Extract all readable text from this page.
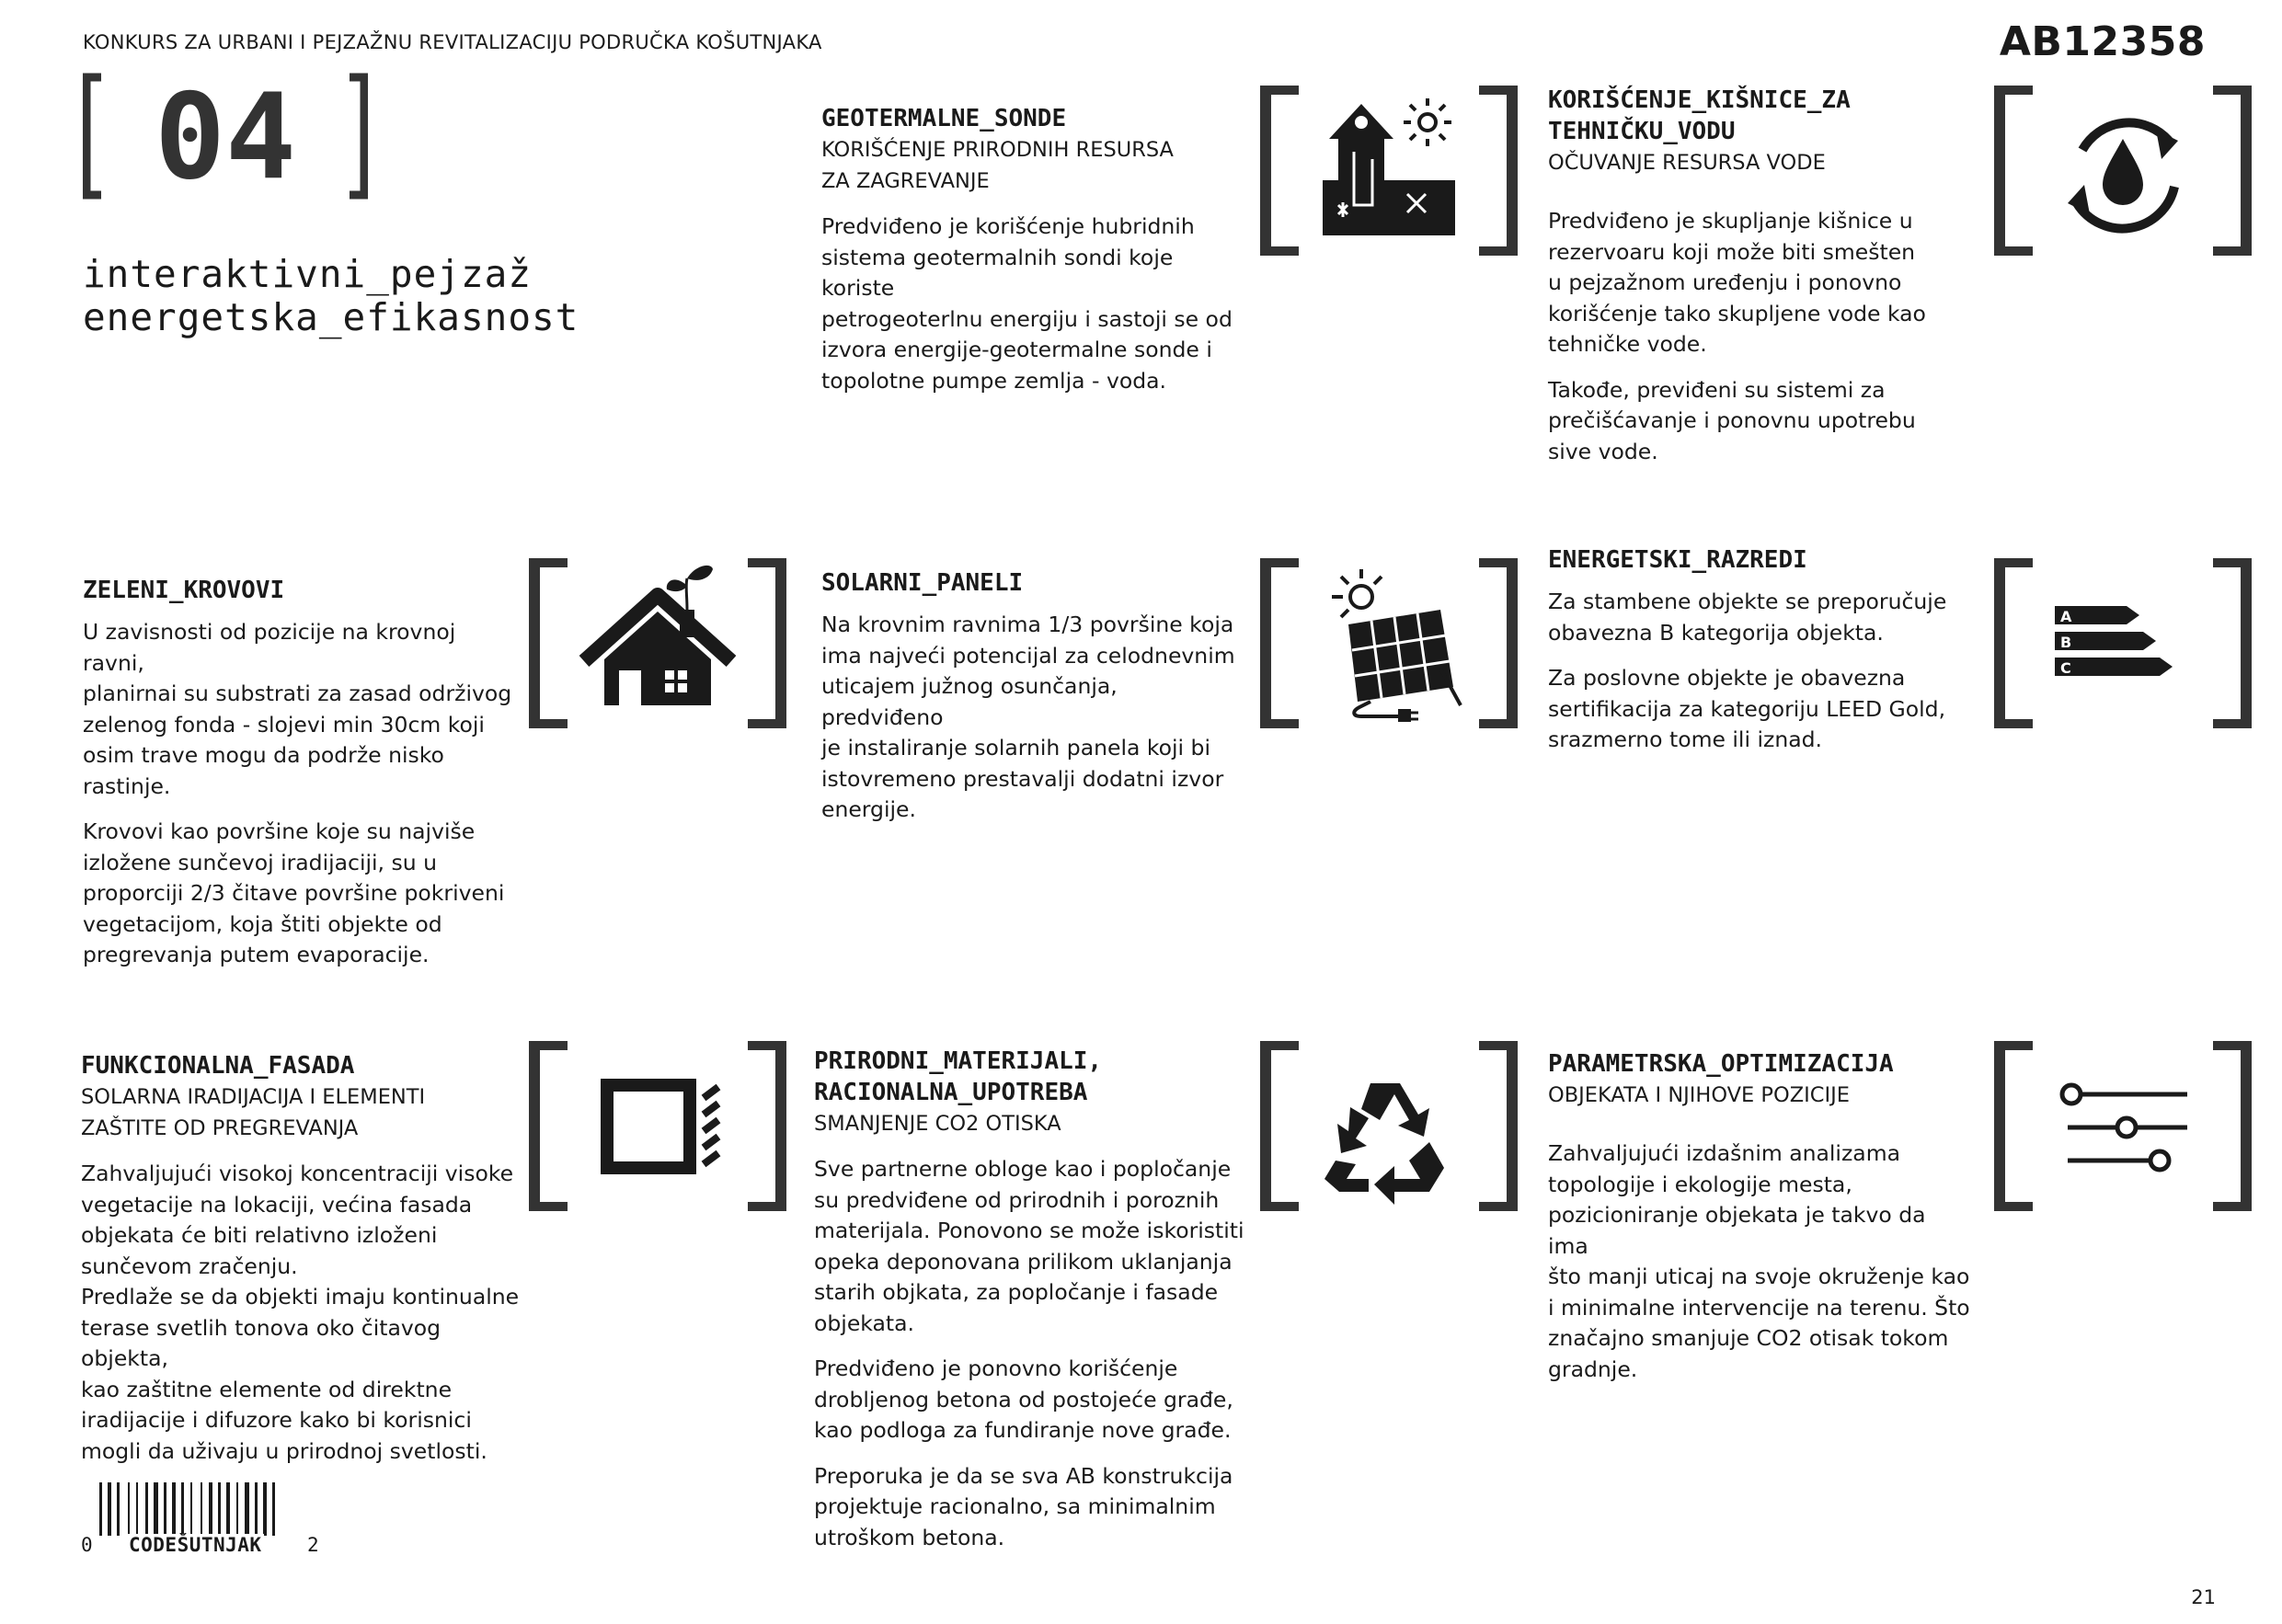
KONKURS ZA URBANI I PEJZAŽNU REVITALIZACIJU PODRUČKA KOŠUTNJAKA	AB12358
04
interaktivni_pejzaž
energetska_efikasnost
GEOTERMALNE_SONDE
KORIŠĆENJE PRIRODNIH RESURSA
ZA ZAGREVANJE

Predviđeno je korišćenje hubridnih
sistema geotermalnih sondi koje koriste
petrogeoterlnu energiju i sastoji se od
izvora energije-geotermalne sonde i
topolotne pumpe zemlja - voda.

KORIŠĆENJE_KIŠNICE_ZA
TEHNIČKU_VODU
OČUVANJE RESURSA VODE

Predviđeno je skupljanje kišnice u
rezervoaru koji može biti smešten
u pejzažnom uređenju i ponovno
korišćenje tako skupljene vode kao
tehničke vode.

Takođe, previđeni su sistemi za
prečišćavanje i ponovnu upotrebu
sive vode.

ZELENI_KROVOVI

U zavisnosti od pozicije na krovnoj ravni,
planirnai su substrati za zasad održivog
zelenog fonda - slojevi min 30cm koji
osim trave mogu da podrže nisko
rastinje.

Krovovi kao površine koje su najviše
izložene sunčevoj iradijaciji, su u
proporciji 2/3 čitave površine pokriveni
vegetacijom, koja štiti objekte od
pregrevanja putem evaporacije.

SOLARNI_PANELI

Na krovnim ravnima 1/3 površine koja
ima najveći potencijal za celodnevnim
uticajem južnog osunčanja, predviđeno
je instaliranje solarnih panela koji bi
istovremeno prestavalji dodatni izvor
energije.

ENERGETSKI_RAZREDI

Za stambene objekte se preporučuje
obavezna B kategorija objekta.

Za poslovne objekte je obavezna
sertifikacija za kategoriju LEED Gold,
srazmerno tome ili iznad.

A
B
C
FUNKCIONALNA_FASADA
SOLARNA IRADIJACIJA I ELEMENTI
ZAŠTITE OD PREGREVANJA

Zahvaljujući visokoj koncentraciji visoke
vegetacije na lokaciji, većina fasada
objekata će biti relativno izloženi
sunčevom zračenju.
Predlaže se da objekti imaju kontinualne
terase svetlih tonova oko čitavog objekta,
kao zaštitne elemente od direktne
iradijacije i difuzore kako bi korisnici
mogli da uživaju u prirodnoj svetlosti.

PRIRODNI_MATERIJALI,
RACIONALNA_UPOTREBA
SMANJENJE CO2 OTISKA

Sve partnerne obloge kao i popločanje
su predviđene od prirodnih i poroznih
materijala. Ponovono se može iskoristiti
opeka deponovana prilikom uklanjanja
starih objkata, za popločanje i fasade
objekata.

Predviđeno je ponovno korišćenje
drobljenog betona od postojeće građe,
kao podloga za fundiranje nove građe.

Preporuka je da se sva AB konstrukcija
projektuje racionalno, sa minimalnim
utroškom betona.

PARAMETRSKA_OPTIMIZACIJA
OBJEKATA I NJIHOVE POZICIJE

Zahvaljujući izdašnim analizama
topologije i ekologije mesta,
pozicioniranje objekata je takvo da ima
što manji uticaj na svoje okruženje kao
i minimalne intervencije na terenu. Što
značajno smanjuje CO2 otisak tokom
gradnje.

0 CODEŠUTNJAK 2
21
